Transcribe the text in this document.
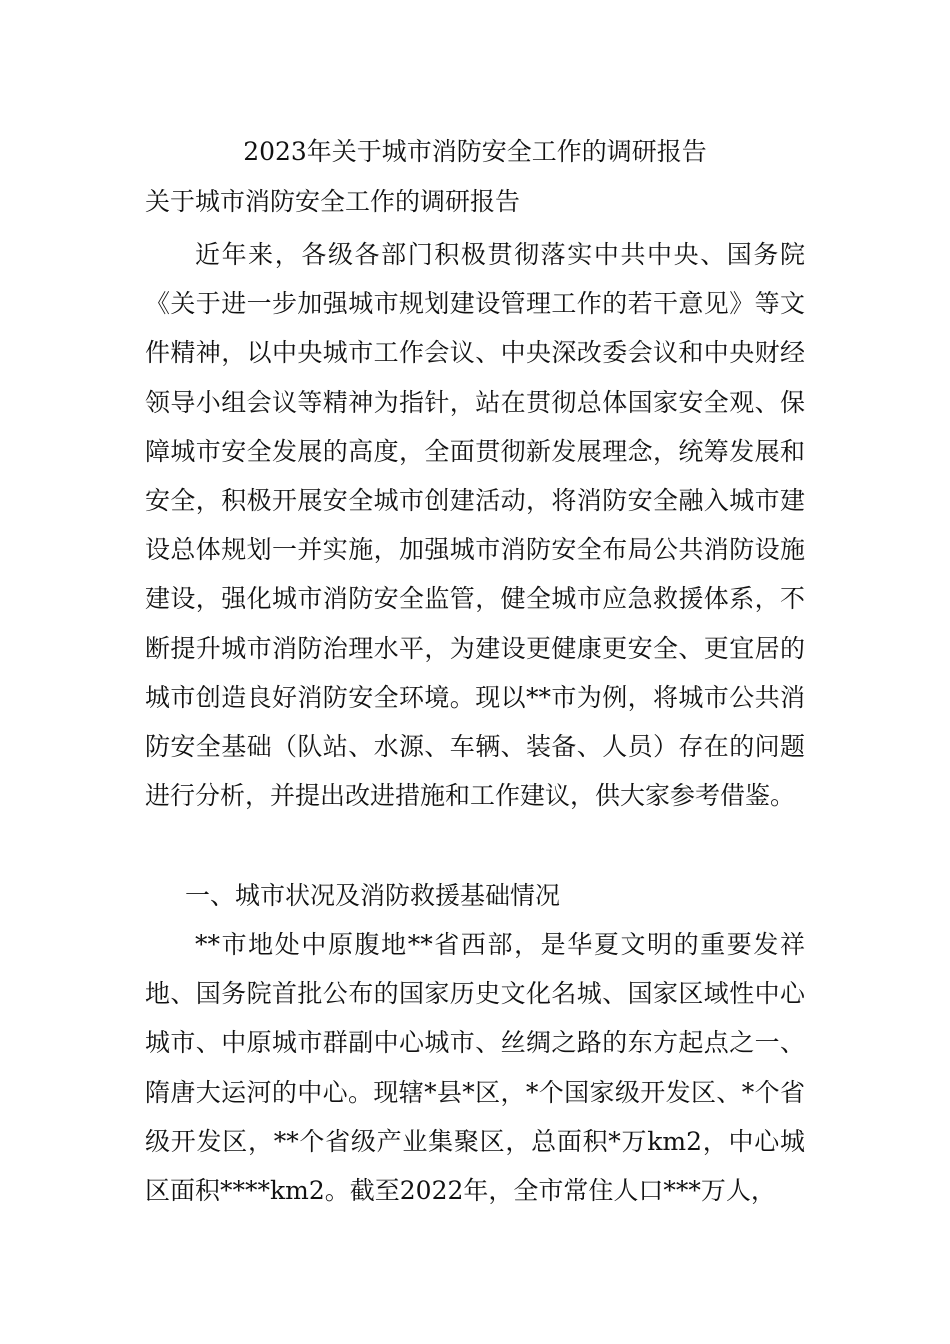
2023年关于城市消防安全工作的调研报告
关于城市消防安全工作的调研报告

近年来，各级各部门积极贯彻落实中共中央、国务院《关于进一步加强城市规划建设管理工作的若干意见》等文件精神，以中央城市工作会议、中央深改委会议和中央财经领导小组会议等精神为指针，站在贯彻总体国家安全观、保障城市安全发展的高度，全面贯彻新发展理念，统筹发展和安全，积极开展安全城市创建活动，将消防安全融入城市建设总体规划一并实施，加强城市消防安全布局公共消防设施建设，强化城市消防安全监管，健全城市应急救援体系，不断提升城市消防治理水平，为建设更健康更安全、更宜居的城市创造良好消防安全环境。现以**市为例，将城市公共消防安全基础（队站、水源、车辆、装备、人员）存在的问题进行分析，并提出改进措施和工作建议，供大家参考借鉴。

一、城市状况及消防救援基础情况

**市地处中原腹地**省西部，是华夏文明的重要发祥地、国务院首批公布的国家历史文化名城、国家区域性中心城市、中原城市群副中心城市、丝绸之路的东方起点之一、隋唐大运河的中心。现辖*县*区，*个国家级开发区、*个省级开发区，**个省级产业集聚区，总面积*万km2，中心城区面积****km2。截至2022年，全市常住人口***万人，
